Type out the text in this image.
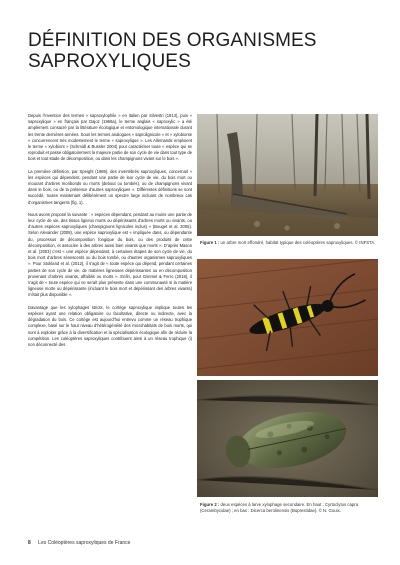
DÉFINITION DES ORGANISMES SAPROXYLIQUES

Depuis l’invention des termes « saproxylophile » en italien par Silvestri (1913), puis « saproxylique » en français par Dajoz (1966a), le terme anglais « saproxylic » a été amplement consacré par la littérature écologique et entomologique internationale durant les trente dernières années. Sous les termes analogues « saprolignicole » et « xylobionte » concurrencent très modestement le terme « saproxylique ». Les Allemands emploient le terme « xylobiont » (Schmidl & Bussler 2004) pour caractériser toute « espèce qui se reproduit et passe obligatoirement la majeure partie de son cycle de vie dans tout type de bois et tout stade de décomposition, ou dans les champignons vivant sur le bois ».

La première définition, par Speight (1989), des invertébrés saproxyliques, concernait « les espèces qui dépendent, pendant une partie de leur cycle de vie, du bois mort ou mourant d’arbres moribonds ou morts (debout ou tombés), ou de champignons vivant dans le bois, ou de la présence d’autres saproxyliques ». Différentes définitions se sont succédé, toutes maintenant délibérément un spectre large incluant de nombreux cas d’organismes tangents (fig. 1).

Nous avons proposé la suivante : « espèces dépendant, pendant au moins une partie de leur cycle de vie, des tissus ligneux morts ou dépérissants d’arbres morts ou vivants, ou d’autres espèces saproxyliques (champignons lignicoles inclus) » (Bouget et al. 2005). Selon Alexander (2008), une espèce saproxylique est « impliquée dans, ou dépendante du, processus de décomposition fongique du bois, ou des produits de cette décomposition, et associée à des arbres aussi bien vivants que morts ». D’après Mason et al. (2003) c’est « une espèce dépendant, à certaines étapes de son cycle de vie, du bois mort d’arbres sénescents ou du bois tombé, ou d’autres organismes saproxyliques ». Pour Stokland et al. (2012), il s’agit de « toute espèce qui dépend, pendant certaines parties de son cycle de vie, de matières ligneuses dépérissantes ou en décomposition provenant d’arbres vivants, affaiblis ou morts ». Enfin, pour Gimmel & Ferro (2018), il s’agit de « toute espèce qui ne serait plus présente dans une communauté si la matière ligneuse morte ou dépérissante (incluant le bois mort et dépérissant des arbres vivants) n’était plus disponible ».

Davantage que les xylophages stricts, le cortège saproxylique implique toutes les espèces ayant une relation obligatoire ou facultative, directe ou indirecte, avec la dégradation du bois. Ce cortège est aujourd’hui entrevu comme un réseau trophique complexe, basé sur le haut niveau d’hétérogénéité des microhabitats de bois morts, qui sont à exploiter grâce à la diversification et la spécialisation écologique afin de réduire la compétition. Les coléoptères saproxyliques contribuent ainsi à un réseau trophique (i) non déconnecté des

Figure 1 : un arbre mort effondré, habitat typique des coléoptères saproxyliques. © INFSTA.
Figure 2 : deux espèces à larve xylophage secondaire. En haut : Cyrtoclytus capra (Cerambycidae) ; en bas : Dicerca berolinensis (Buprestidae). © N. Gouix.
8 Les Coléoptères saproxyliques de France
